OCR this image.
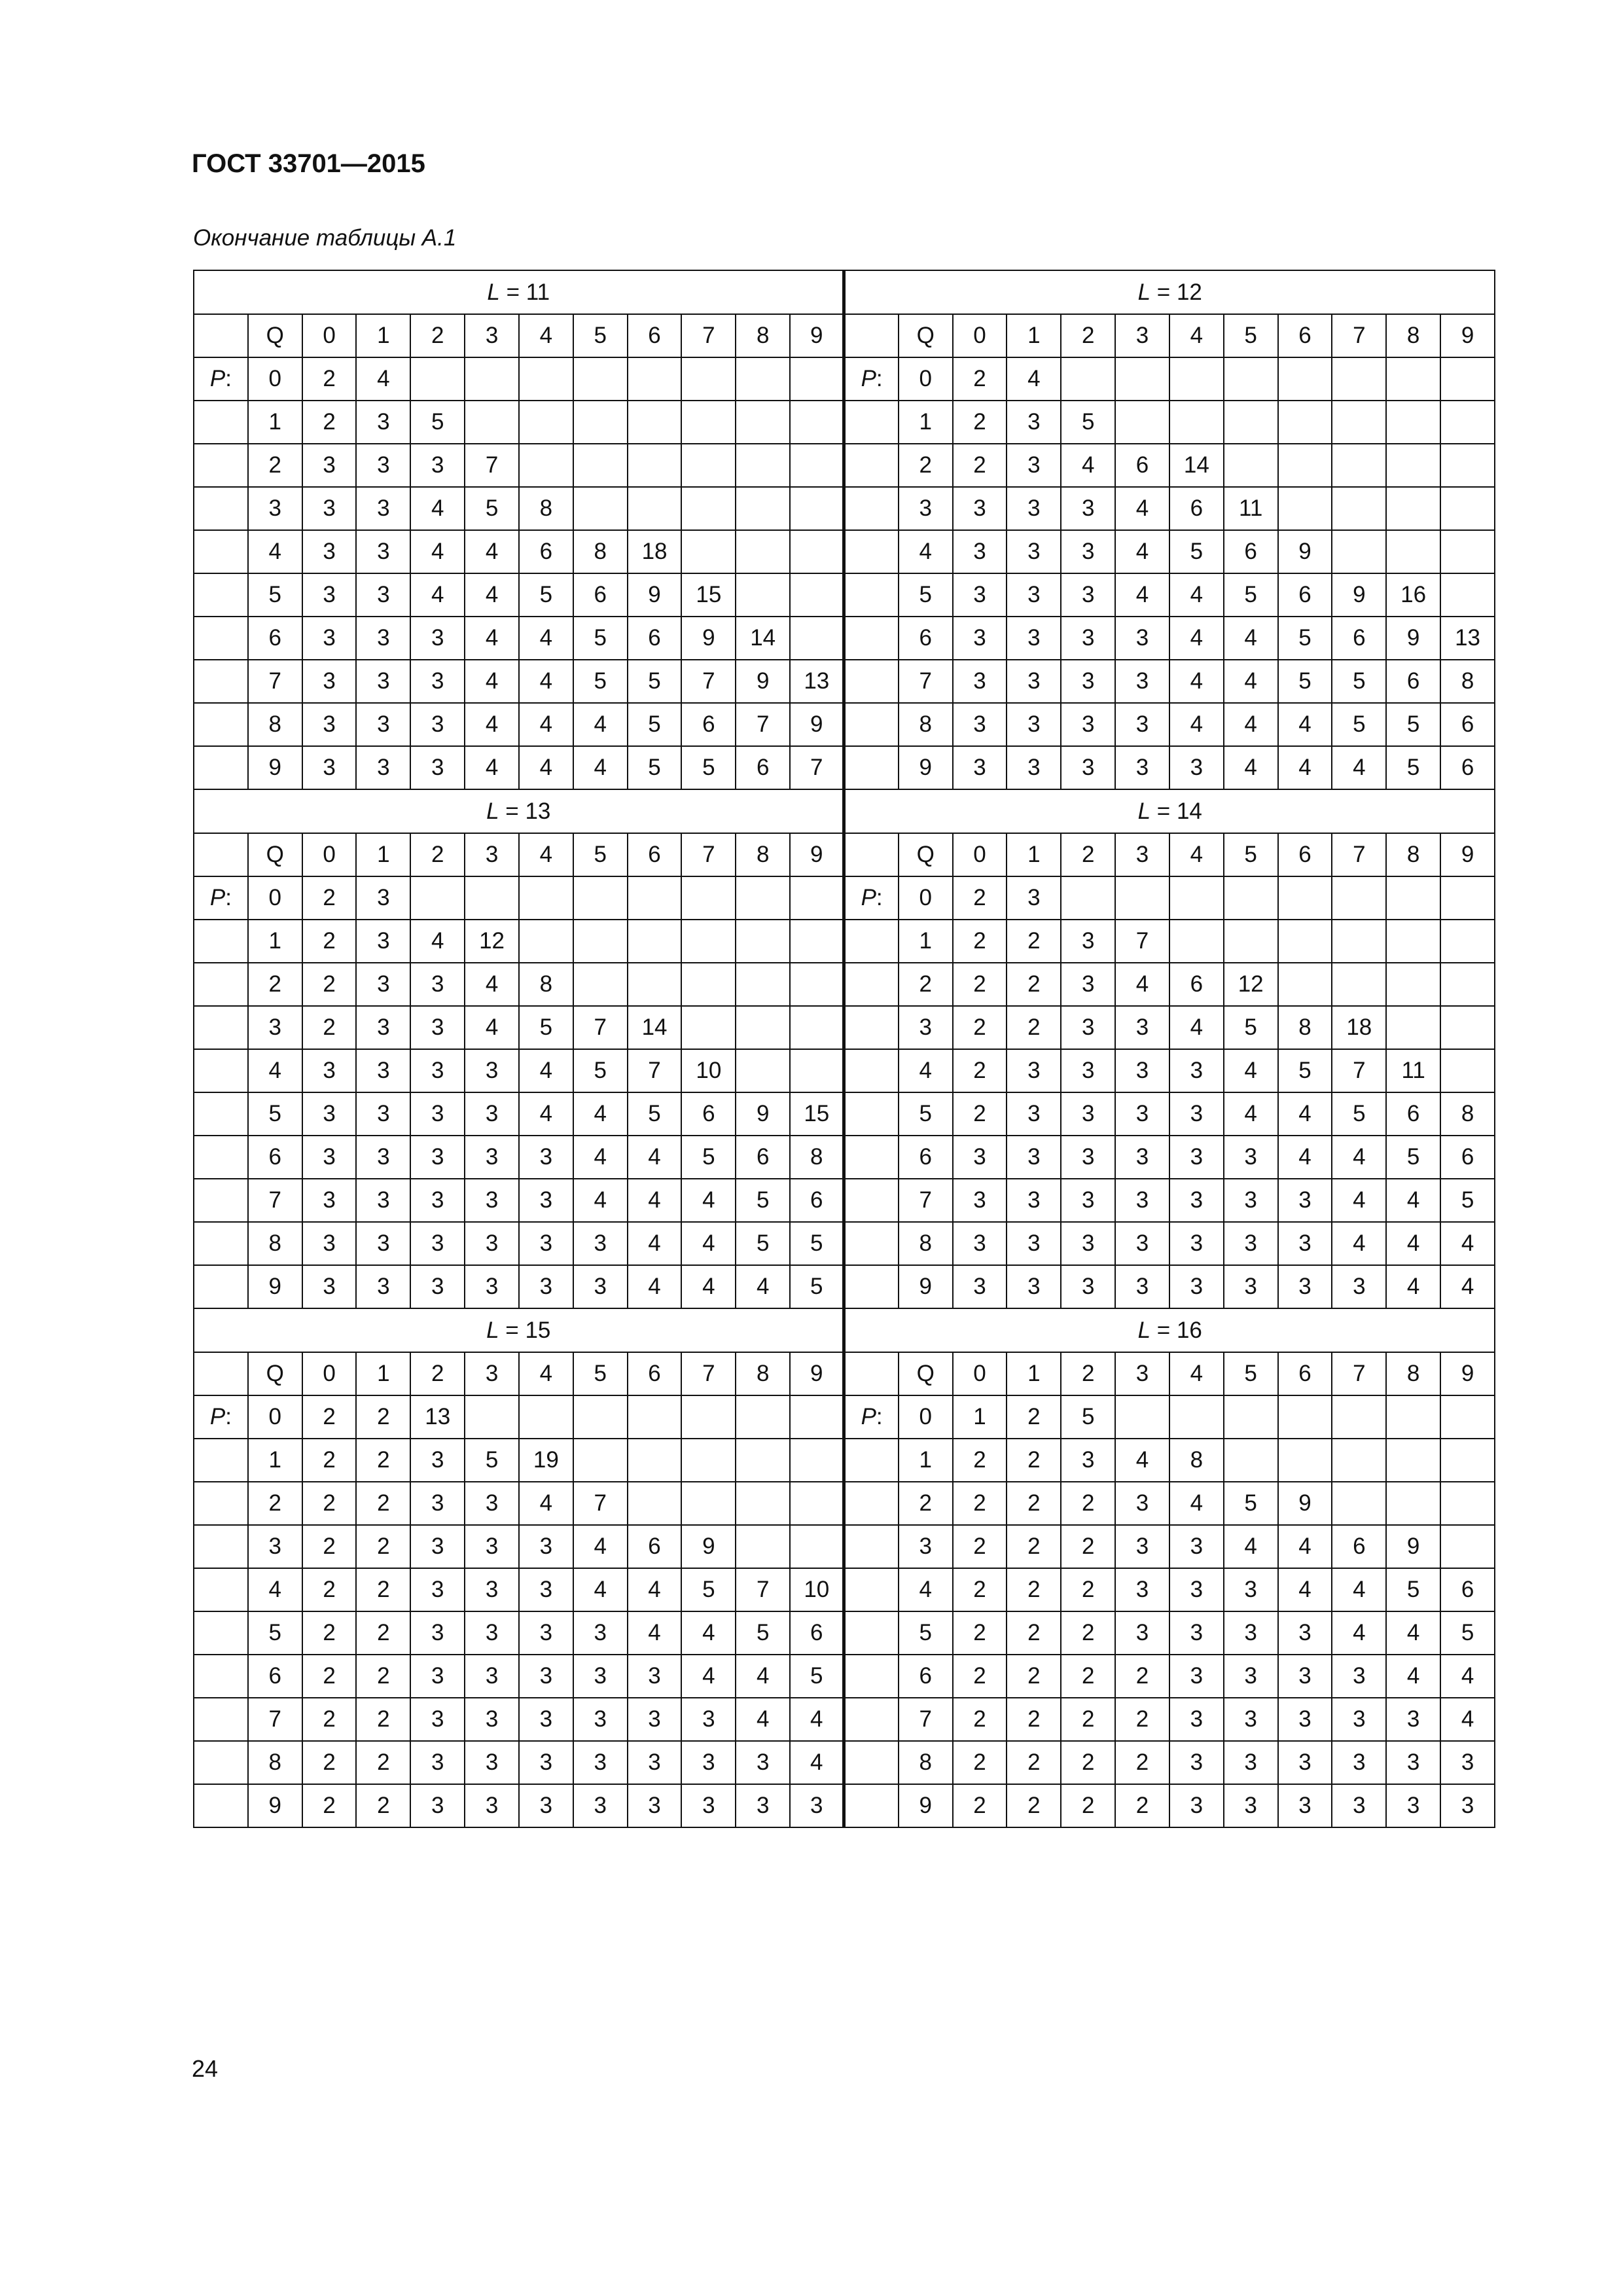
ГОСТ 33701—2015
Окончание таблицы А.1
L = 11												L = 12											
	Q	0	1	2	3	4	5	6	7	8	9		Q	0	1	2	3	4	5	6	7	8	9
P:	0	2	4									P:	0	2	4								
	1	2	3	5									1	2	3	5							
	2	3	3	3	7								2	2	3	4	6	14					
	3	3	3	4	5	8							3	3	3	3	4	6	11				
	4	3	3	4	4	6	8	18					4	3	3	3	4	5	6	9			
	5	3	3	4	4	5	6	9	15				5	3	3	3	4	4	5	6	9	16	
	6	3	3	3	4	4	5	6	9	14			6	3	3	3	3	4	4	5	6	9	13
	7	3	3	3	4	4	5	5	7	9	13		7	3	3	3	3	4	4	5	5	6	8
	8	3	3	3	4	4	4	5	6	7	9		8	3	3	3	3	4	4	4	5	5	6
	9	3	3	3	4	4	4	5	5	6	7		9	3	3	3	3	3	4	4	4	5	6
L = 13												L = 14											
	Q	0	1	2	3	4	5	6	7	8	9		Q	0	1	2	3	4	5	6	7	8	9
P:	0	2	3									P:	0	2	3								
	1	2	3	4	12								1	2	2	3	7						
	2	2	3	3	4	8							2	2	2	3	4	6	12				
	3	2	3	3	4	5	7	14					3	2	2	3	3	4	5	8	18		
	4	3	3	3	3	4	5	7	10				4	2	3	3	3	3	4	5	7	11	
	5	3	3	3	3	4	4	5	6	9	15		5	2	3	3	3	3	4	4	5	6	8
	6	3	3	3	3	3	4	4	5	6	8		6	3	3	3	3	3	3	4	4	5	6
	7	3	3	3	3	3	4	4	4	5	6		7	3	3	3	3	3	3	3	4	4	5
	8	3	3	3	3	3	3	4	4	5	5		8	3	3	3	3	3	3	3	4	4	4
	9	3	3	3	3	3	3	4	4	4	5		9	3	3	3	3	3	3	3	3	4	4
L = 15												L = 16											
	Q	0	1	2	3	4	5	6	7	8	9		Q	0	1	2	3	4	5	6	7	8	9
P:	0	2	2	13								P:	0	1	2	5							
	1	2	2	3	5	19							1	2	2	3	4	8					
	2	2	2	3	3	4	7						2	2	2	2	3	4	5	9			
	3	2	2	3	3	3	4	6	9				3	2	2	2	3	3	4	4	6	9	
	4	2	2	3	3	3	4	4	5	7	10		4	2	2	2	3	3	3	4	4	5	6
	5	2	2	3	3	3	3	4	4	5	6		5	2	2	2	3	3	3	3	4	4	5
	6	2	2	3	3	3	3	3	4	4	5		6	2	2	2	2	3	3	3	3	4	4
	7	2	2	3	3	3	3	3	3	4	4		7	2	2	2	2	3	3	3	3	3	4
	8	2	2	3	3	3	3	3	3	3	4		8	2	2	2	2	3	3	3	3	3	3
	9	2	2	3	3	3	3	3	3	3	3		9	2	2	2	2	3	3	3	3	3	3
24
